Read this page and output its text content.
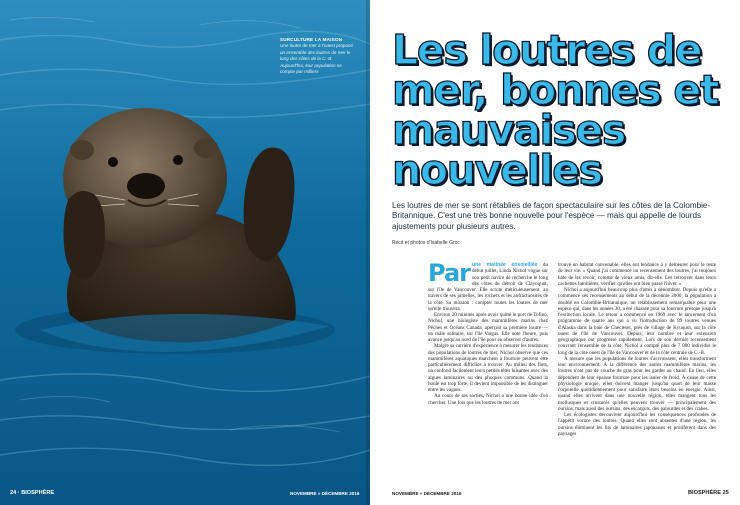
SURCULTURE LA MAISON
Une loutre de mer à l'ouest proposé un ensemble des loutres de mer le long des côtes de la C.-B. Aujourd'hui, leur population se compte par milliers
24 · BIOSPHÈRE	NOVEMBRE » DÉCEMBRE 2016
Les loutres de mer, bonnes et mauvaises nouvelles

Les loutres de mer se sont rétablies de façon spectaculaire sur les côtes de la Colombie-Britannique. C'est une très bonne nouvelle pour l'espèce — mais qui appelle de lourds ajustements pour plusieurs autres.

Récit et photos d'Isabelle Groc

Par une matinée ensoleillée du début juillet, Linda Nichol vogue sur son petit navire de recherche le long des côtes du détroit de Clayoquot, sur l'île de Vancouver. Elle scrute méticuleusement, au travers de ses jumelles, les rochers et les anfractuosités de la côte. Sa mission : compter toutes les loutres de mer qu'elle trouvera.

Environ 20 minutes après avoir quitté le port de Tofino, Nichol, une biologiste des mammifères marins chez Pêches et Océans Canada, aperçoit sa première loutre — un mâle solitaire, sur l'île Vargas. Elle note l'heure, puis avance jusqu'au nord de l'île pour en observer d'autres.

Malgré sa carrière d'expérience à mesurer les tendances des populations de loutres de mer, Nichol observe que ces mammifères aquatiques marchent à fourrure peuvent être particulièrement difficiles à trouver. Au milieu des flots, on confond facilement leurs petites têtes luisantes avec des algues laminaires ou des phoques communs. Quand la houle est trop forte, il devient impossible de les distinguer entre les vagues.

Au cours de ses sorties, Nichol a une bonne idée d'où chercher. Une fois que les loutres de mer ont

trouvé un habitat convenable, elles ont tendance à y demeurer pour le reste de leur vie. « Quand j'ai commencé un recensement des loutres, j'ai toujours hâte de les revoir, comme de vieux amis, dit-elle. Les retrouver dans leurs cachettes familières, vérifier qu'elles ont bien passé l'hiver. »

Nichol a aujourd'hui beaucoup plus d'amis à dénombrer. Depuis qu'elle a commencé ses recensements au début de la décennie 2000, la population a doublé en Colombie-Britannique, un rétablissement remarquable pour une espèce qui, dans les années 30, a été chassée pour sa fourrure presque jusqu'à l'extinction locale. Le retour a commencé en 1969 avec le lancement d'un programme de quatre ans qui a vu l'introduction de 89 loutres venues d'Alaska dans la baie de Checleset, près de village de Kyuquot, sur la côte ouest de l'île de Vancouver. Depuis, leur nombre et leur extension géographique ont progressé rapidement. Lors de son dernier recensement couvrant l'ensemble de la côte, Nichol a compté plus de 7 000 individus le long de la côte ouest de l'île de Vancouver et de la côte centrale de C.-B.

À mesure que les populations de loutres s'accroissent, elles transforment leur environnement. À la différence des autres mammifères marins, les loutres n'ont pas de couche de gras pour les garder au chaud. En lieu, elles dépendent de leur épaisse fourrure pour les isoler du froid. À cause de cette physiologie unique, elles doivent manger jusqu'au quart de leur masse corporelle quotidiennement pour satisfaire leurs besoins en énergie. Ainsi, quand elles arrivent dans une nouvelle région, elles mangent tous les mollusques et crustacés qu'elles peuvent trouver — principalement des oursins, mais aussi des oursins, des escargots, des palourdes et des crabes.

Les écologistes découvrent aujourd'hui les conséquences profondes de l'appétit vorace des loutres. Quand elles sont absentes d'une région, les oursins éliminent les lits de laminaires japonaises et prolifèrent dans des paysages

NOVEMBRE » DÉCEMBRE 2016	BIOSPHÈRE 25
